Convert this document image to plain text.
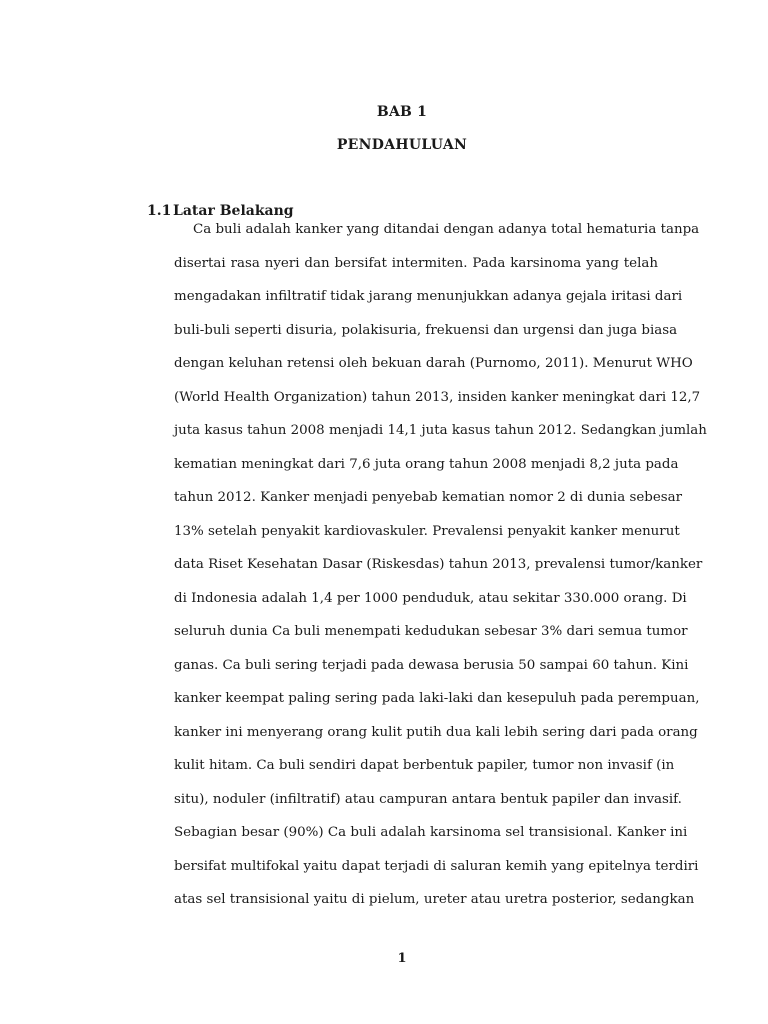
BAB 1
PENDAHULUAN
1.1 Latar Belakang
Ca buli adalah kanker yang ditandai dengan adanya total hematuria tanpa
disertai rasa nyeri dan bersifat intermiten. Pada karsinoma yang telah
mengadakan infiltratif tidak jarang menunjukkan adanya gejala iritasi dari
buli-buli seperti disuria, polakisuria, frekuensi dan urgensi dan juga biasa
dengan keluhan retensi oleh bekuan darah (Purnomo, 2011). Menurut WHO
(World Health Organization) tahun 2013, insiden kanker meningkat dari 12,7
juta kasus tahun 2008 menjadi 14,1 juta kasus tahun 2012. Sedangkan jumlah
kematian meningkat dari 7,6 juta orang tahun 2008 menjadi 8,2 juta pada
tahun 2012. Kanker menjadi penyebab kematian nomor 2 di dunia sebesar
13% setelah penyakit kardiovaskuler. Prevalensi penyakit kanker menurut
data Riset Kesehatan Dasar (Riskesdas) tahun 2013, prevalensi tumor/kanker
di Indonesia adalah 1,4 per 1000 penduduk, atau sekitar 330.000 orang. Di
seluruh dunia Ca buli menempati kedudukan sebesar 3% dari semua tumor
ganas. Ca buli sering terjadi pada dewasa berusia 50 sampai 60 tahun. Kini
kanker keempat paling sering pada laki-laki dan kesepuluh pada perempuan,
kanker ini menyerang orang kulit putih dua kali lebih sering dari pada orang
kulit hitam. Ca buli sendiri dapat berbentuk papiler, tumor non invasif (in
situ), noduler (infiltratif) atau campuran antara bentuk papiler dan invasif.
Sebagian besar (90%) Ca buli adalah karsinoma sel transisional. Kanker ini
bersifat multifokal yaitu dapat terjadi di saluran kemih yang epitelnya terdiri
atas sel transisional yaitu di pielum, ureter atau uretra posterior, sedangkan
1
